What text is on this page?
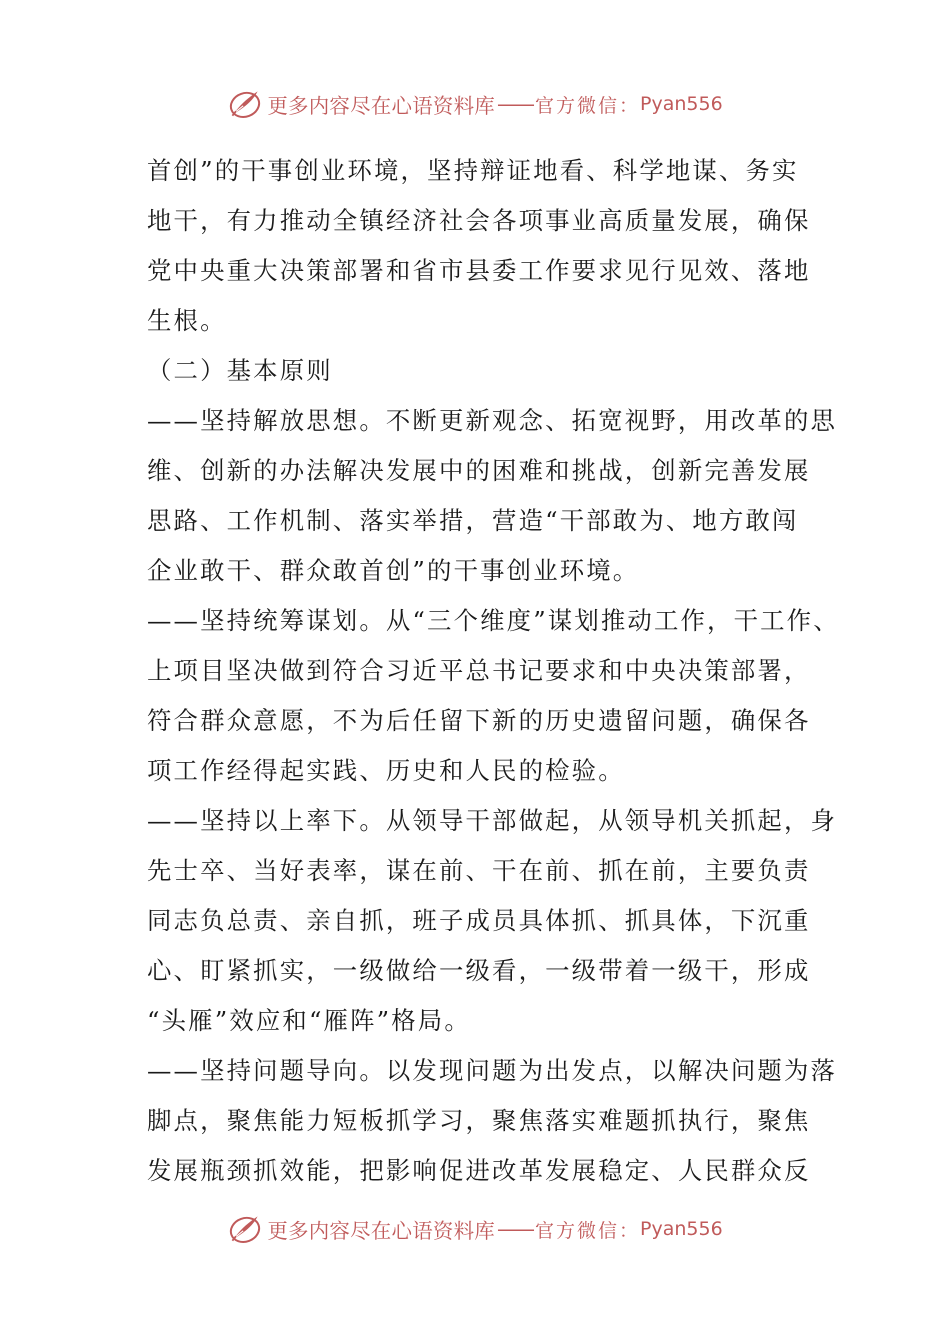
更多内容尽在心语资料库 —— 官方微信： Pyan556
首创”的干事创业环境，坚持辩证地看、科学地谋、务实
地干，有力推动全镇经济社会各项事业高质量发展，确保
党中央重大决策部署和省市县委工作要求见行见效、落地
生根。
（二）基本原则
——坚持解放思想。不断更新观念、拓宽视野，用改革的思
维、创新的办法解决发展中的困难和挑战，创新完善发展
思路、工作机制、落实举措，营造“干部敢为、地方敢闯
企业敢干、群众敢首创”的干事创业环境。
——坚持统筹谋划。从“三个维度”谋划推动工作，干工作、
上项目坚决做到符合习近平总书记要求和中央决策部署，
符合群众意愿，不为后任留下新的历史遗留问题，确保各
项工作经得起实践、历史和人民的检验。
——坚持以上率下。从领导干部做起，从领导机关抓起，身
先士卒、当好表率，谋在前、干在前、抓在前，主要负责
同志负总责、亲自抓，班子成员具体抓、抓具体，下沉重
心、盯紧抓实，一级做给一级看，一级带着一级干，形成
“头雁”效应和“雁阵”格局。
——坚持问题导向。以发现问题为出发点，以解决问题为落
脚点，聚焦能力短板抓学习，聚焦落实难题抓执行，聚焦
发展瓶颈抓效能，把影响促进改革发展稳定、人民群众反
更多内容尽在心语资料库 —— 官方微信： Pyan556
